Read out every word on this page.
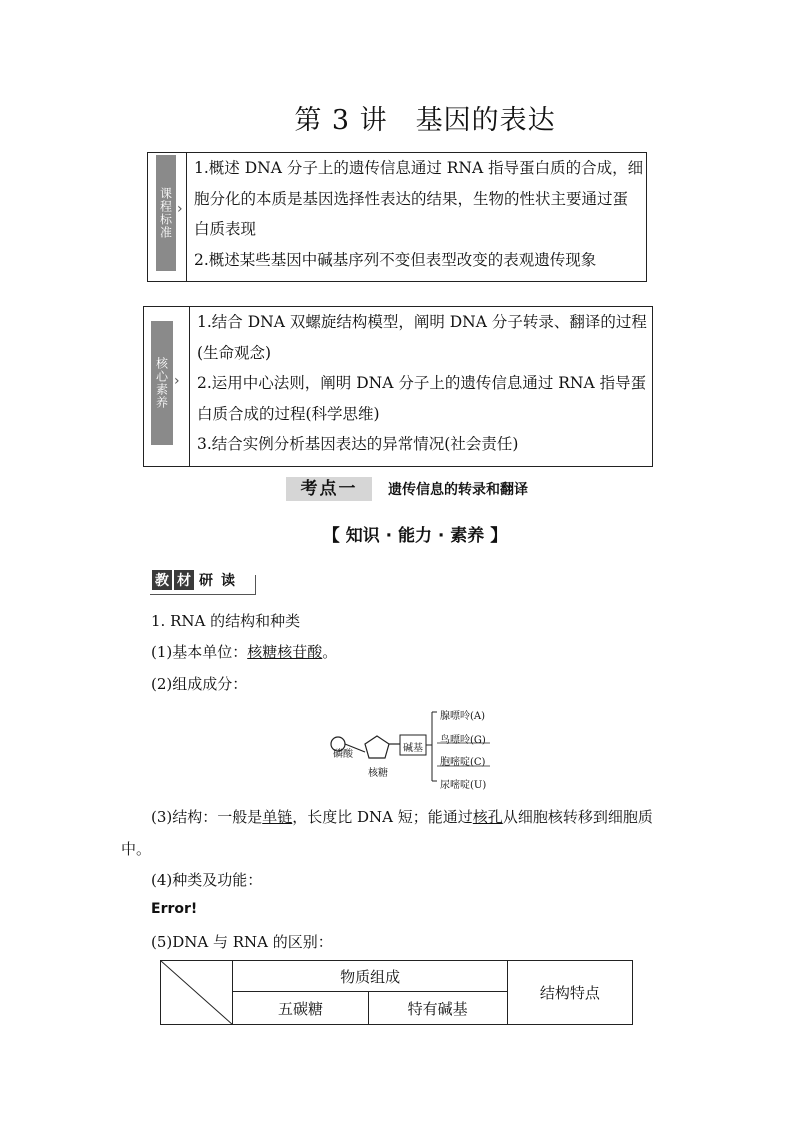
第 3 讲　基因的表达
课程标准 ›
1.概述 DNA 分子上的遗传信息通过 RNA 指导蛋白质的合成，细
胞分化的本质是基因选择性表达的结果，生物的性状主要通过蛋
白质表现
2.概述某些基因中碱基序列不变但表型改变的表观遗传现象
核心素养 ›
1.结合 DNA 双螺旋结构模型，阐明 DNA 分子转录、翻译的过程
(生命观念)
2.运用中心法则，阐明 DNA 分子上的遗传信息通过 RNA 指导蛋
白质合成的过程(科学思维)
3.结合实例分析基因表达的异常情况(社会责任)
考点一	遗传信息的转录和翻译
【 知识 · 能力 · 素养 】
教 材 研 读
1. RNA 的结构和种类
(1)基本单位：核糖核苷酸。
(2)组成成分：
磷酸
核糖
碱基
腺嘌呤(A)
鸟嘌呤(G)
胞嘧啶(C)
尿嘧啶(U)
(3)结构：一般是单链，长度比 DNA 短；能通过核孔从细胞核转移到细胞质
中。
(4)种类及功能：
Error!
(5)DNA 与 RNA 的区别：
	物质组成		结构特点
	五碳糖	特有碱基	
